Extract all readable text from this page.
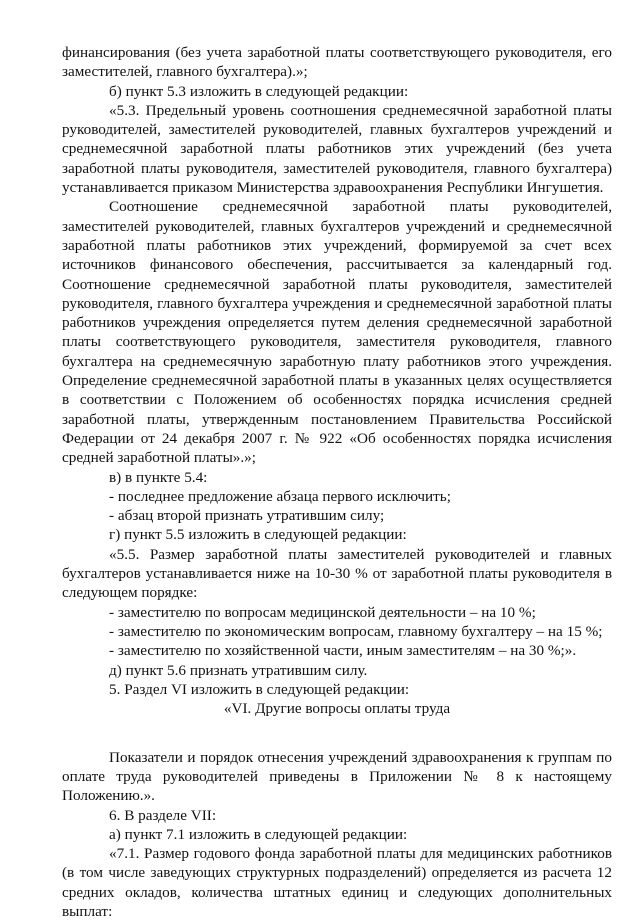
финансирования (без учета заработной платы соответствующего руководителя, его
заместителей, главного бухгалтера).»;
б) пункт 5.3 изложить в следующей редакции:
«5.3. Предельный уровень соотношения среднемесячной заработной платы
руководителей, заместителей руководителей, главных бухгалтеров учреждений и
среднемесячной заработной платы работников этих учреждений (без учета
заработной платы руководителя, заместителей руководителя, главного бухгалтера)
устанавливается приказом Министерства здравоохранения Республики Ингушетия.
Соотношение среднемесячной заработной платы руководителей,
заместителей руководителей, главных бухгалтеров учреждений и среднемесячной
заработной платы работников этих учреждений, формируемой за счет всех
источников финансового обеспечения, рассчитывается за календарный год.
Соотношение среднемесячной заработной платы руководителя, заместителей
руководителя, главного бухгалтера учреждения и среднемесячной заработной платы
работников учреждения определяется путем деления среднемесячной заработной
платы соответствующего руководителя, заместителя руководителя, главного
бухгалтера на среднемесячную заработную плату работников этого учреждения.
Определение среднемесячной заработной платы в указанных целях осуществляется
в соответствии с Положением об особенностях порядка исчисления средней
заработной платы, утвержденным постановлением Правительства Российской
Федерации от 24 декабря 2007 г. № 922 «Об особенностях порядка исчисления
средней заработной платы».»;
в) в пункте 5.4:
- последнее предложение абзаца первого исключить;
- абзац второй признать утратившим силу;
г) пункт 5.5 изложить в следующей редакции:
«5.5. Размер заработной платы заместителей руководителей и главных
бухгалтеров устанавливается ниже на 10-30 % от заработной платы руководителя в
следующем порядке:
- заместителю по вопросам медицинской деятельности – на 10 %;
- заместителю по экономическим вопросам, главному бухгалтеру – на 15 %;
- заместителю по хозяйственной части, иным заместителям – на 30 %;».
д) пункт 5.6 признать утратившим силу.
5. Раздел VI изложить в следующей редакции:

«VI. Другие вопросы оплаты труда

Показатели и порядок отнесения учреждений здравоохранения к группам по
оплате труда руководителей приведены в Приложении № 8 к настоящему
Положению.».
6. В разделе VII:
а) пункт 7.1 изложить в следующей редакции:
«7.1. Размер годового фонда заработной платы для медицинских работников
(в том числе заведующих структурных подразделений) определяется из расчета 12
средних окладов, количества штатных единиц и следующих дополнительных
выплат:
